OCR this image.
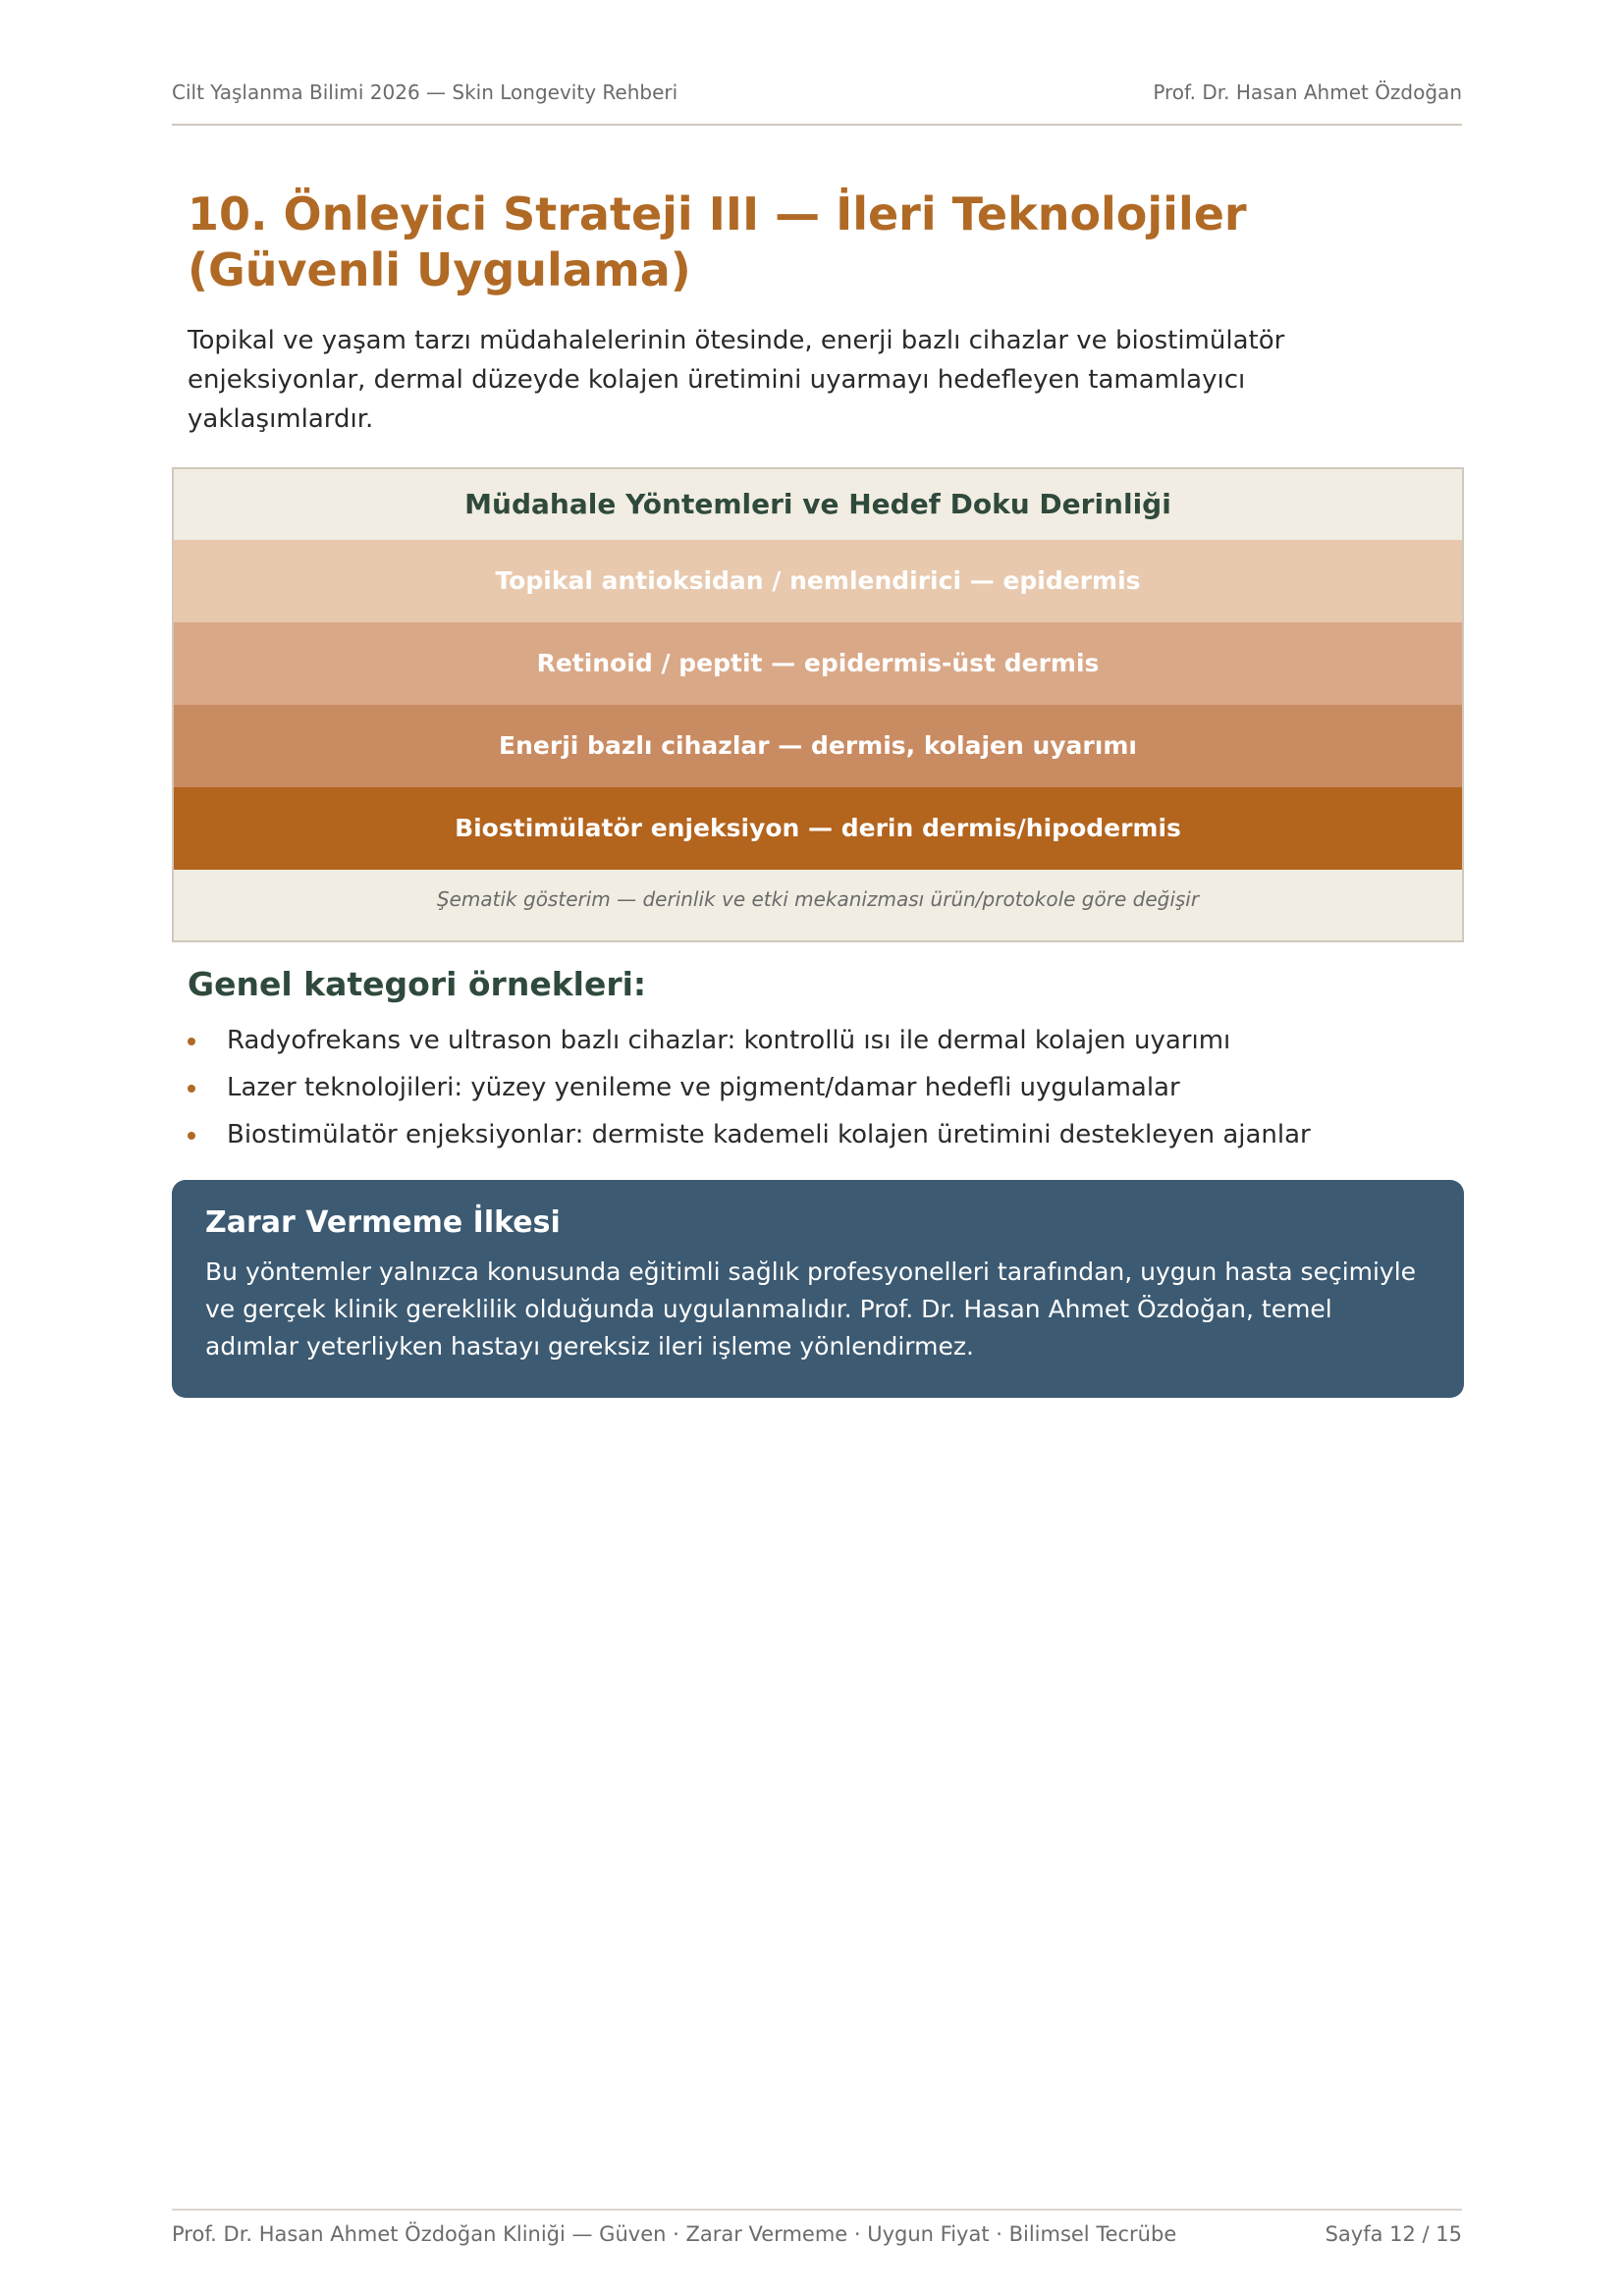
Cilt Yaşlanma Bilimi 2026 — Skin Longevity Rehberi	Prof. Dr. Hasan Ahmet Özdoğan
10. Önleyici Strateji III — İleri Teknolojiler (Güvenli Uygulama)

Topikal ve yaşam tarzı müdahalelerinin ötesinde, enerji bazlı cihazlar ve biostimülatör enjeksiyonlar, dermal düzeyde kolajen üretimini uyarmayı hedefleyen tamamlayıcı yaklaşımlardır.

Müdahale Yöntemleri ve Hedef Doku Derinliği
Topikal antioksidan / nemlendirici — epidermis
Retinoid / peptit — epidermis-üst dermis
Enerji bazlı cihazlar — dermis, kolajen uyarımı
Biostimülatör enjeksiyon — derin dermis/hipodermis
Şematik gösterim — derinlik ve etki mekanizması ürün/protokole göre değişir
Genel kategori örnekleri:
Radyofrekans ve ultrason bazlı cihazlar: kontrollü ısı ile dermal kolajen uyarımı
Lazer teknolojileri: yüzey yenileme ve pigment/damar hedefli uygulamalar
Biostimülatör enjeksiyonlar: dermiste kademeli kolajen üretimini destekleyen ajanlar
Zarar Vermeme İlkesi

Bu yöntemler yalnızca konusunda eğitimli sağlık profesyonelleri tarafından, uygun hasta seçimiyle ve gerçek klinik gereklilik olduğunda uygulanmalıdır. Prof. Dr. Hasan Ahmet Özdoğan, temel adımlar yeterliyken hastayı gereksiz ileri işleme yönlendirmez.

Prof. Dr. Hasan Ahmet Özdoğan Kliniği — Güven · Zarar Vermeme · Uygun Fiyat · Bilimsel Tecrübe	Sayfa 12 / 15
